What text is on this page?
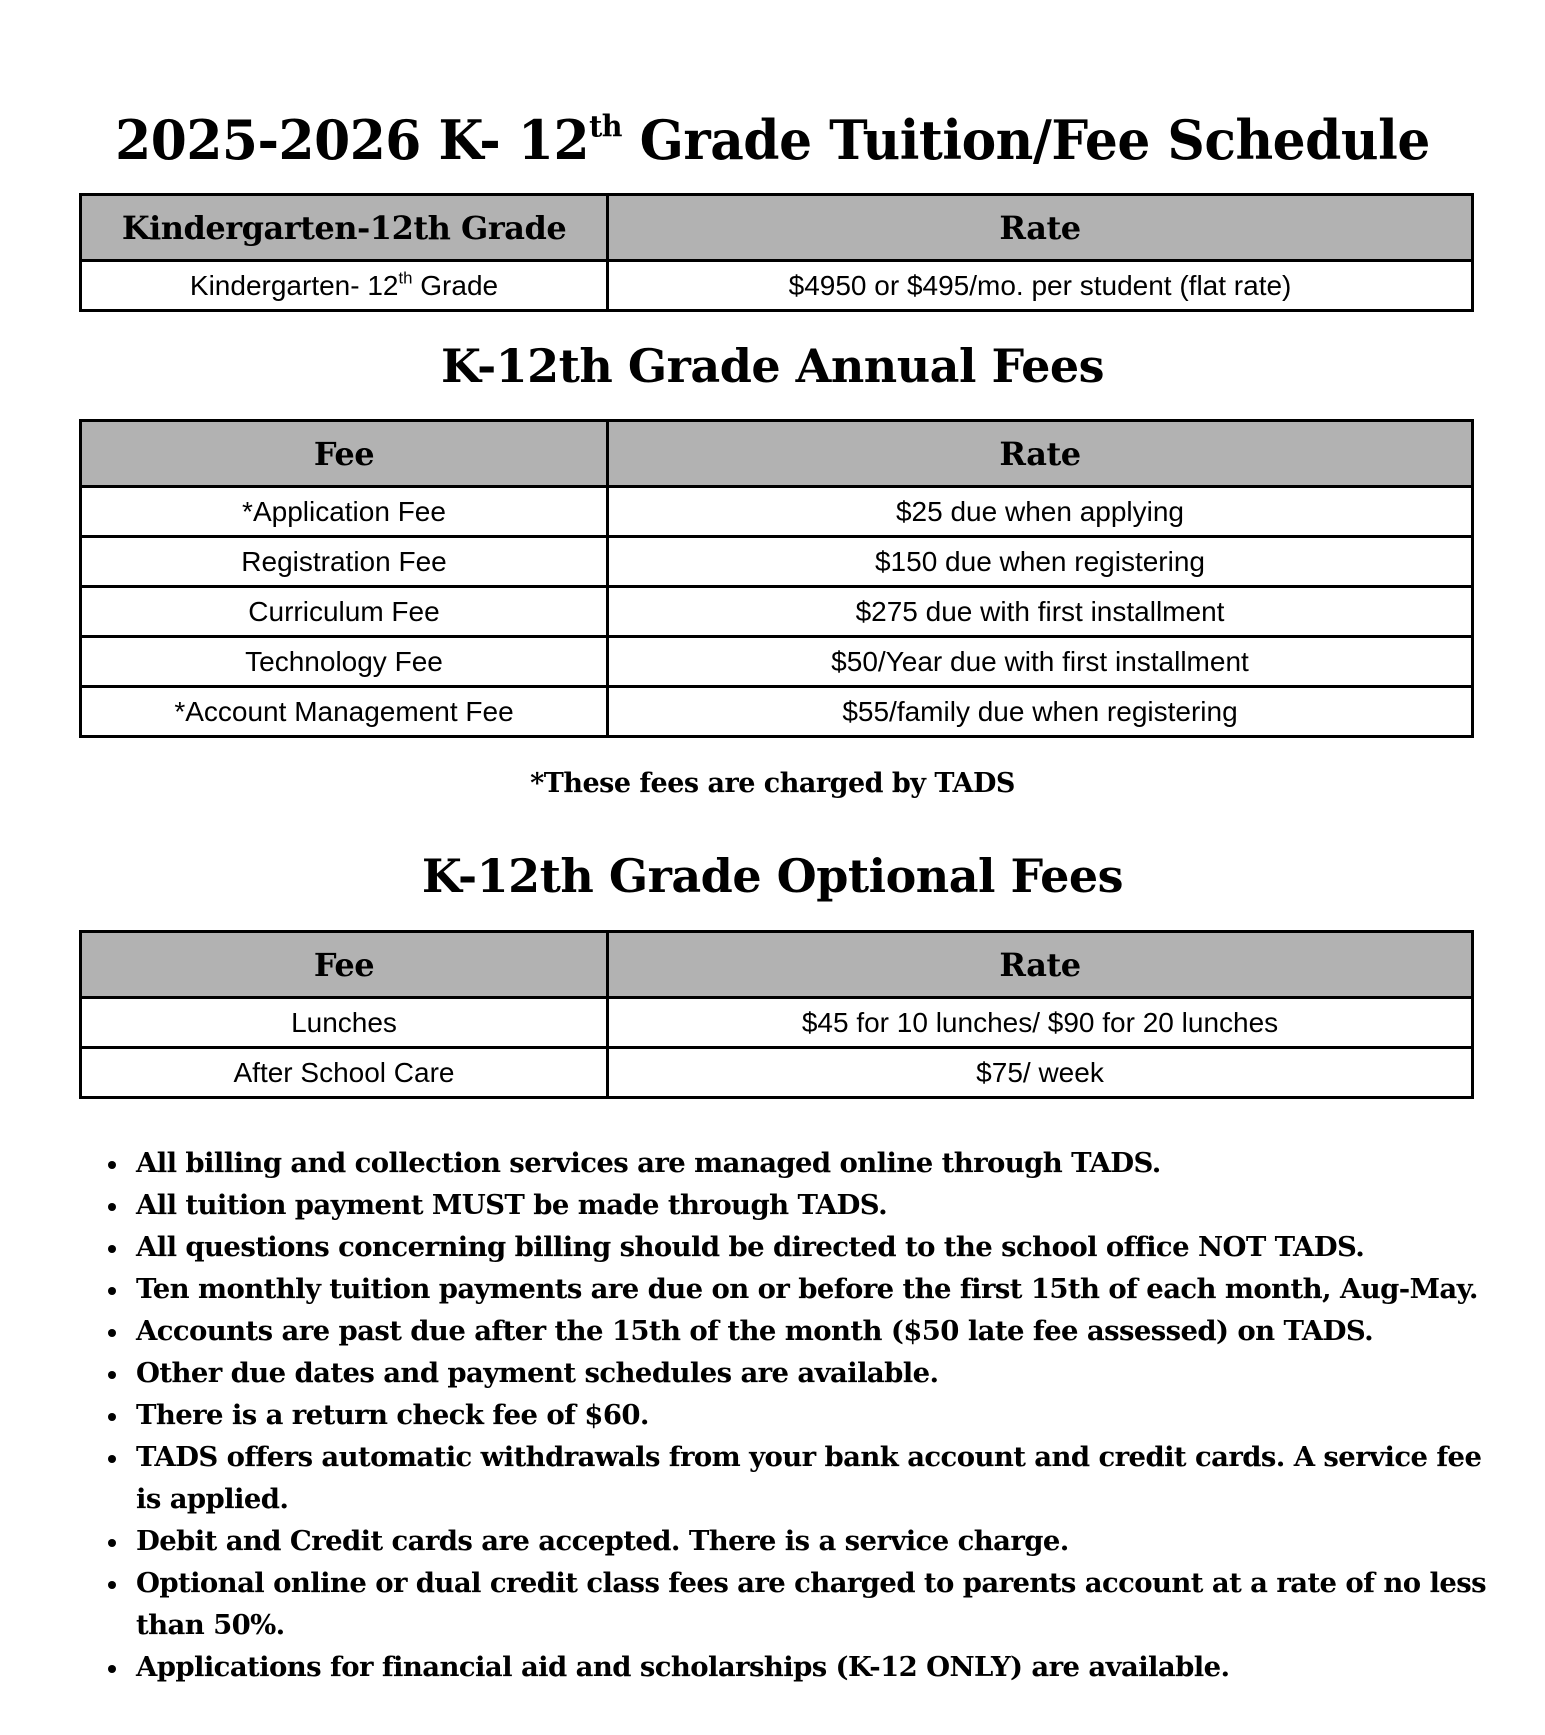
2025-2026 K- 12th Grade Tuition/Fee Schedule
Kindergarten-12th Grade	Rate
Kindergarten- 12th Grade	$4950 or $495/mo. per student (flat rate)
K-12th Grade Annual Fees
Fee	Rate
*Application Fee	$25 due when applying
Registration Fee	$150 due when registering
Curriculum Fee	$275 due with first installment
Technology Fee	$50/Year due with first installment
*Account Management Fee	$55/family due when registering
*These fees are charged by TADS
K-12th Grade Optional Fees
Fee	Rate
Lunches	$45 for 10 lunches/ $90 for 20 lunches
After School Care	$75/ week
• All billing and collection services are managed online through TADS.
• All tuition payment MUST be made through TADS.
• All questions concerning billing should be directed to the school office NOT TADS.
• Ten monthly tuition payments are due on or before the first 15th of each month, Aug-May.
• Accounts are past due after the 15th of the month ($50 late fee assessed) on TADS.
• Other due dates and payment schedules are available.
• There is a return check fee of $60.
• TADS offers automatic withdrawals from your bank account and credit cards. A service fee is applied.
• Debit and Credit cards are accepted. There is a service charge.
• Optional online or dual credit class fees are charged to parents account at a rate of no less than 50%.
• Applications for financial aid and scholarships (K-12 ONLY) are available.
